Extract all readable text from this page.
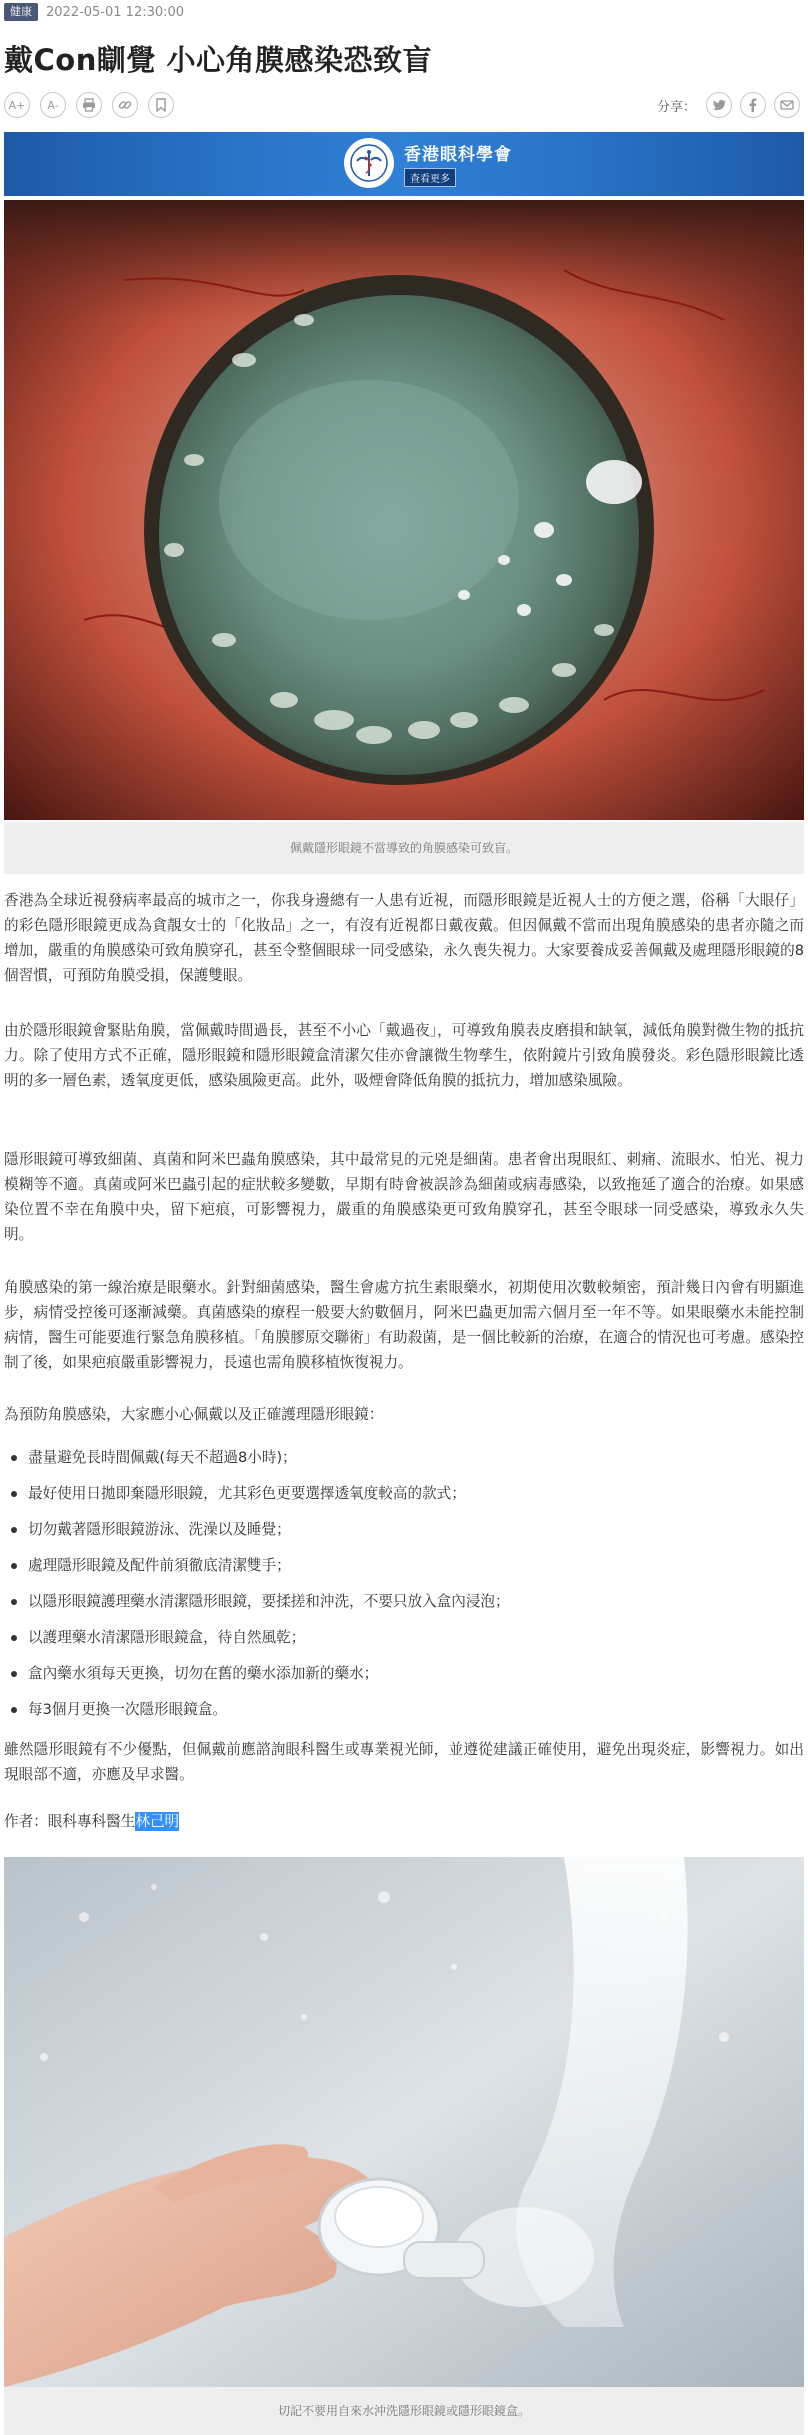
健康	2022-05-01 12:30:00
戴Con瞓覺 小心角膜感染恐致盲
A+	A-	分享：
香港眼科學會
查看更多
佩戴隱形眼鏡不當導致的角膜感染可致盲。

香港為全球近視發病率最高的城市之一，你我身邊總有一人患有近視，而隱形眼鏡是近視人士的方便之選，俗稱「大眼仔」的彩色隱形眼鏡更成為貪靚女士的「化妝品」之一，有沒有近視都日戴夜戴。但因佩戴不當而出現角膜感染的患者亦隨之而增加，嚴重的角膜感染可致角膜穿孔，甚至令整個眼球一同受感染，永久喪失視力。大家要養成妥善佩戴及處理隱形眼鏡的8個習慣，可預防角膜受損，保護雙眼。

由於隱形眼鏡會緊貼角膜，當佩戴時間過長，甚至不小心「戴過夜」，可導致角膜表皮磨損和缺氧，減低角膜對微生物的抵抗力。除了使用方式不正確，隱形眼鏡和隱形眼鏡盒清潔欠佳亦會讓微生物孳生，依附鏡片引致角膜發炎。彩色隱形眼鏡比透明的多一層色素，透氧度更低，感染風險更高。此外，吸煙會降低角膜的抵抗力，增加感染風險。

隱形眼鏡可導致細菌、真菌和阿米巴蟲角膜感染，其中最常見的元兇是細菌。患者會出現眼紅、刺痛、流眼水、怕光、視力模糊等不適。真菌或阿米巴蟲引起的症狀較多變數，早期有時會被誤診為細菌或病毒感染，以致拖延了適合的治療。如果感染位置不幸在角膜中央，留下疤痕，可影響視力，嚴重的角膜感染更可致角膜穿孔，甚至令眼球一同受感染，導致永久失明。

角膜感染的第一線治療是眼藥水。針對細菌感染，醫生會處方抗生素眼藥水，初期使用次數較頻密，預計幾日內會有明顯進步，病情受控後可逐漸減藥。真菌感染的療程一般要大約數個月，阿米巴蟲更加需六個月至一年不等。如果眼藥水未能控制病情，醫生可能要進行緊急角膜移植。「角膜膠原交聯術」有助殺菌，是一個比較新的治療，在適合的情況也可考慮。感染控制了後，如果疤痕嚴重影響視力，長遠也需角膜移植恢復視力。

為預防角膜感染，大家應小心佩戴以及正確護理隱形眼鏡：

盡量避免長時間佩戴(每天不超過8小時)；
最好使用日拋即棄隱形眼鏡，尤其彩色更要選擇透氧度較高的款式；
切勿戴著隱形眼鏡游泳、洗澡以及睡覺；
處理隱形眼鏡及配件前須徹底清潔雙手；
以隱形眼鏡護理藥水清潔隱形眼鏡，要揉搓和沖洗，不要只放入盒內浸泡；
以護理藥水清潔隱形眼鏡盒，待自然風乾；
盒內藥水須每天更換，切勿在舊的藥水添加新的藥水；
每3個月更換一次隱形眼鏡盒。

雖然隱形眼鏡有不少優點，但佩戴前應諮詢眼科醫生或專業視光師，並遵從建議正確使用，避免出現炎症，影響視力。如出現眼部不適，亦應及早求醫。

作者：眼科專科醫生林己明
切記不要用自來水沖洗隱形眼鏡或隱形眼鏡盒。
